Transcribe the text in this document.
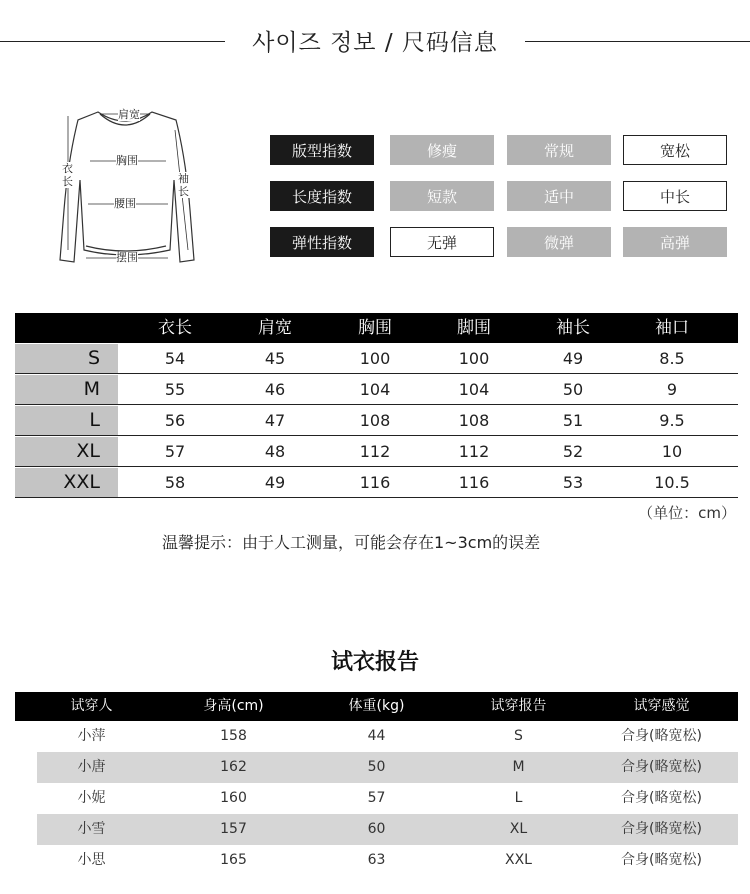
사이즈 정보 / 尺码信息
肩宽
胸围
腰围
摆围
衣长	袖长
版型指数	修瘦	常规	宽松
长度指数	短款	适中	中长
弹性指数	无弹	微弹	高弹
衣长	肩宽	胸围	脚围	袖长	袖口
S	54	45	100	100	49	8.5
M	55	46	104	104	50	9
L	56	47	108	108	51	9.5
XL	57	48	112	112	52	10
XXL	58	49	116	116	53	10.5
（单位：cm）
温馨提示：由于人工测量，可能会存在1~3cm的误差
试衣报告
试穿人	身高(cm)	体重(kg)	试穿报告	试穿感觉
小萍	158	44	S	合身(略宽松)
小唐	162	50	M	合身(略宽松)
小妮	160	57	L	合身(略宽松)
小雪	157	60	XL	合身(略宽松)
小思	165	63	XXL	合身(略宽松)
